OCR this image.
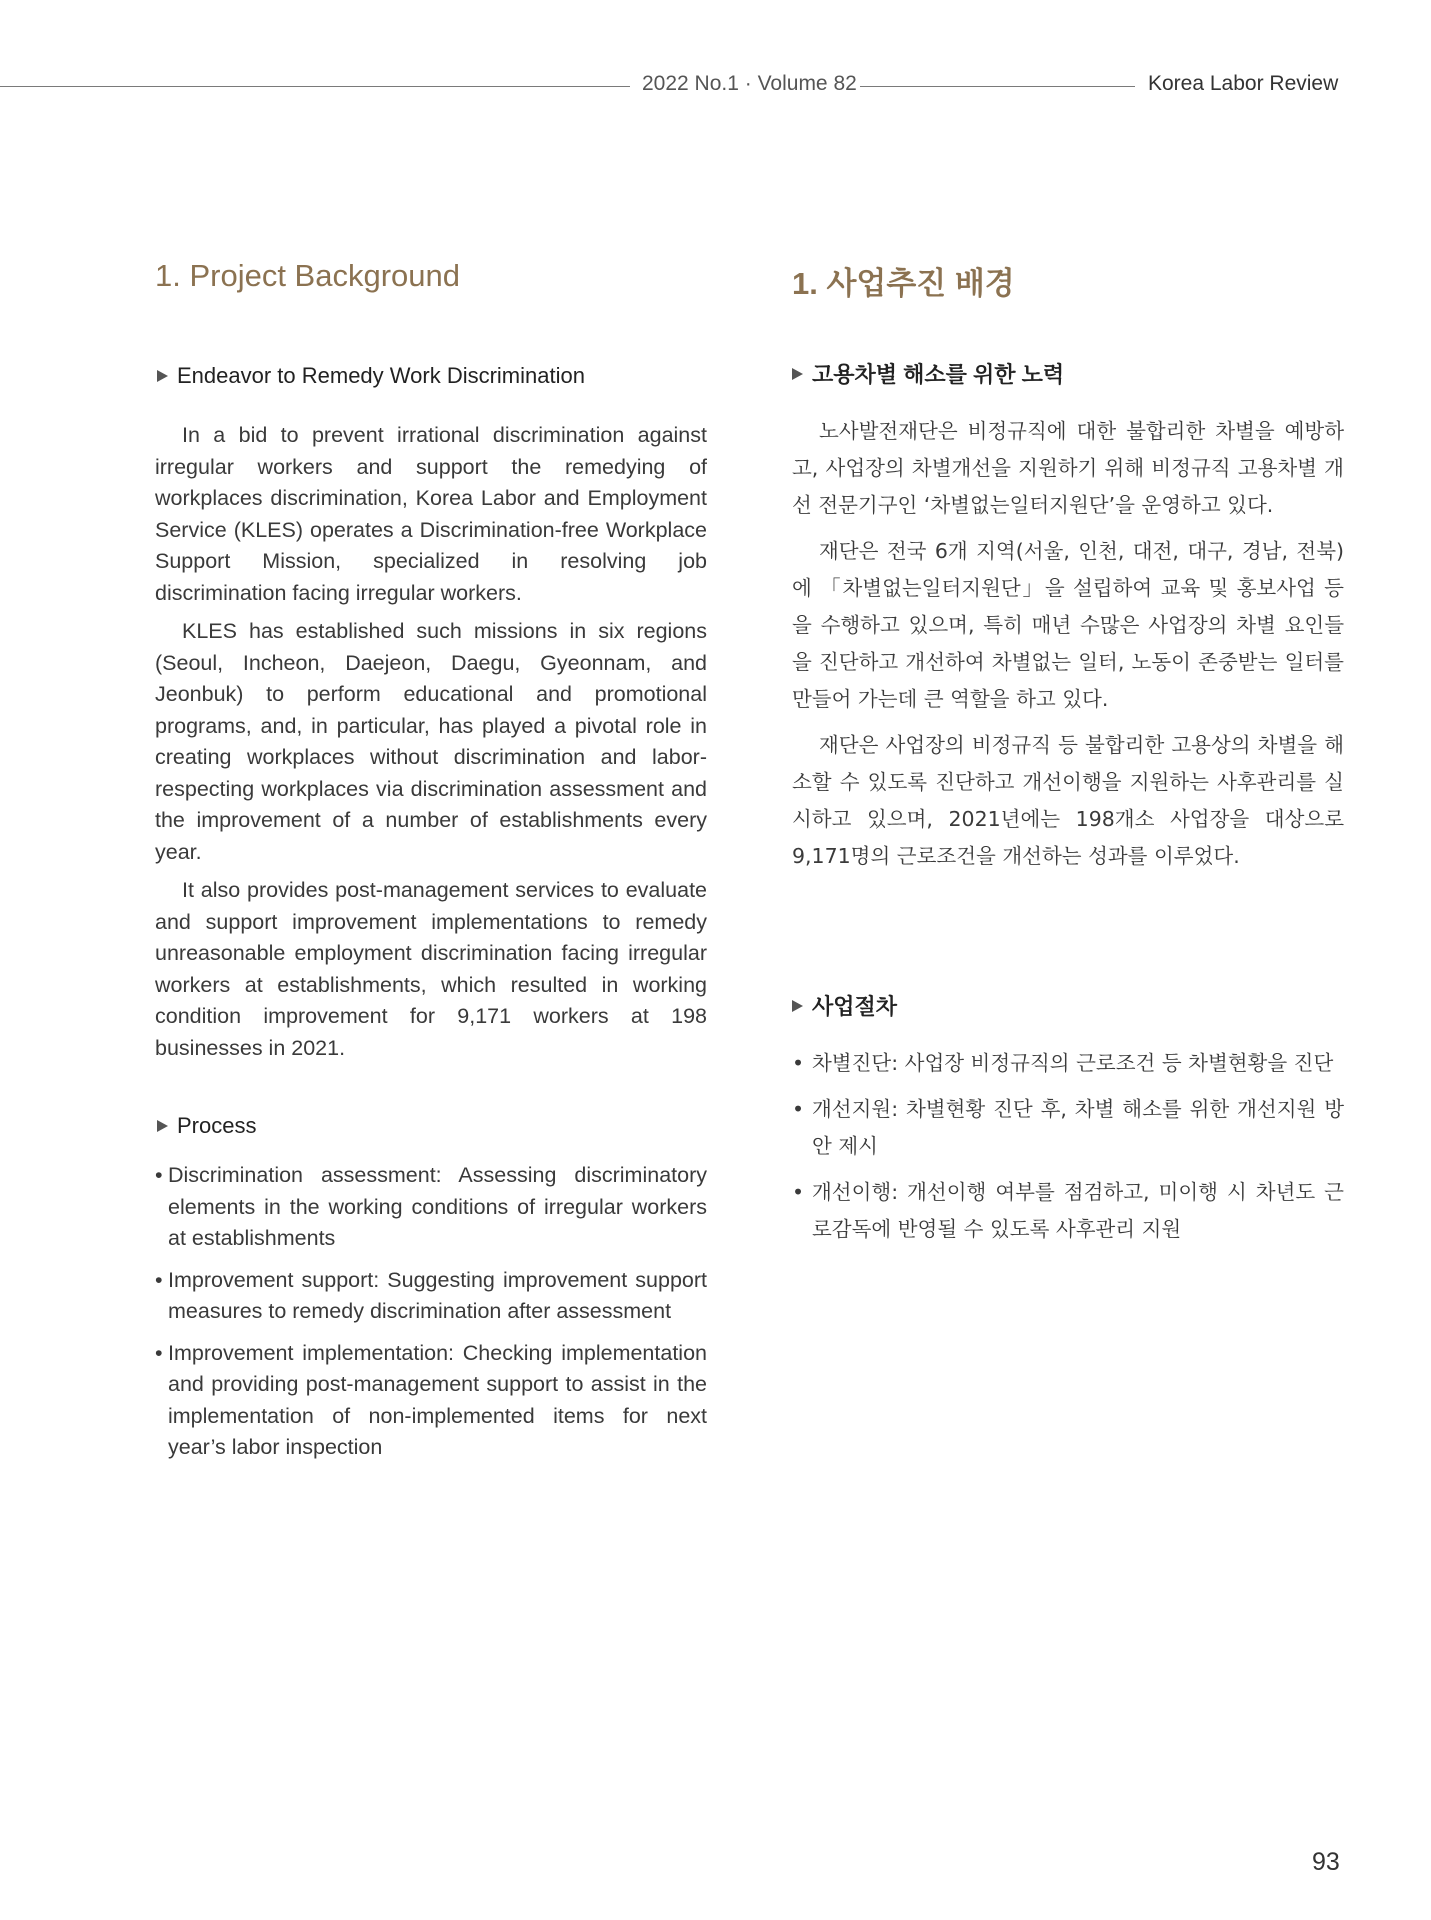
2022 No.1 · Volume 82	Korea Labor Review
1. Project Background
Endeavor to Remedy Work Discrimination

In a bid to prevent irrational discrimination against irregular workers and support the remedying of workplaces discrimination, Korea Labor and Employment Service (KLES) operates a Discrimination-free Workplace Support Mission, specialized in resolving job discrimination facing irregular workers.

KLES has established such missions in six regions (Seoul, Incheon, Daejeon, Daegu, Gyeonnam, and Jeonbuk) to perform educational and promotional programs, and, in particular, has played a pivotal role in creating workplaces without discrimination and labor-respecting workplaces via discrimination assessment and the improvement of a number of establishments every year.

It also provides post-management services to evaluate and support improvement implementations to remedy unreasonable employment discrimination facing irregular workers at establishments, which resulted in working condition improvement for 9,171 workers at 198 businesses in 2021.

Process
• Discrimination assessment: Assessing discriminatory elements in the working conditions of irregular workers at establishments
• Improvement support: Suggesting improvement support measures to remedy discrimination after assessment
• Improvement implementation: Checking implementation and providing post-management support to assist in the implementation of non-implemented items for next year’s labor inspection
1. 사업추진 배경
고용차별 해소를 위한 노력

노사발전재단은 비정규직에 대한 불합리한 차별을 예방하고, 사업장의 차별개선을 지원하기 위해 비정규직 고용차별 개선 전문기구인 ‘차별없는일터지원단’을 운영하고 있다.

재단은 전국 6개 지역(서울, 인천, 대전, 대구, 경남, 전북)에 「차별없는일터지원단」을 설립하여 교육 및 홍보사업 등을 수행하고 있으며, 특히 매년 수많은 사업장의 차별 요인들을 진단하고 개선하여 차별없는 일터, 노동이 존중받는 일터를 만들어 가는데 큰 역할을 하고 있다.

재단은 사업장의 비정규직 등 불합리한 고용상의 차별을 해소할 수 있도록 진단하고 개선이행을 지원하는 사후관리를 실시하고 있으며, 2021년에는 198개소 사업장을 대상으로 9,171명의 근로조건을 개선하는 성과를 이루었다.

사업절차
• 차별진단: 사업장 비정규직의 근로조건 등 차별현황을 진단
• 개선지원: 차별현황 진단 후, 차별 해소를 위한 개선지원 방안 제시
• 개선이행: 개선이행 여부를 점검하고, 미이행 시 차년도 근로감독에 반영될 수 있도록 사후관리 지원
93
